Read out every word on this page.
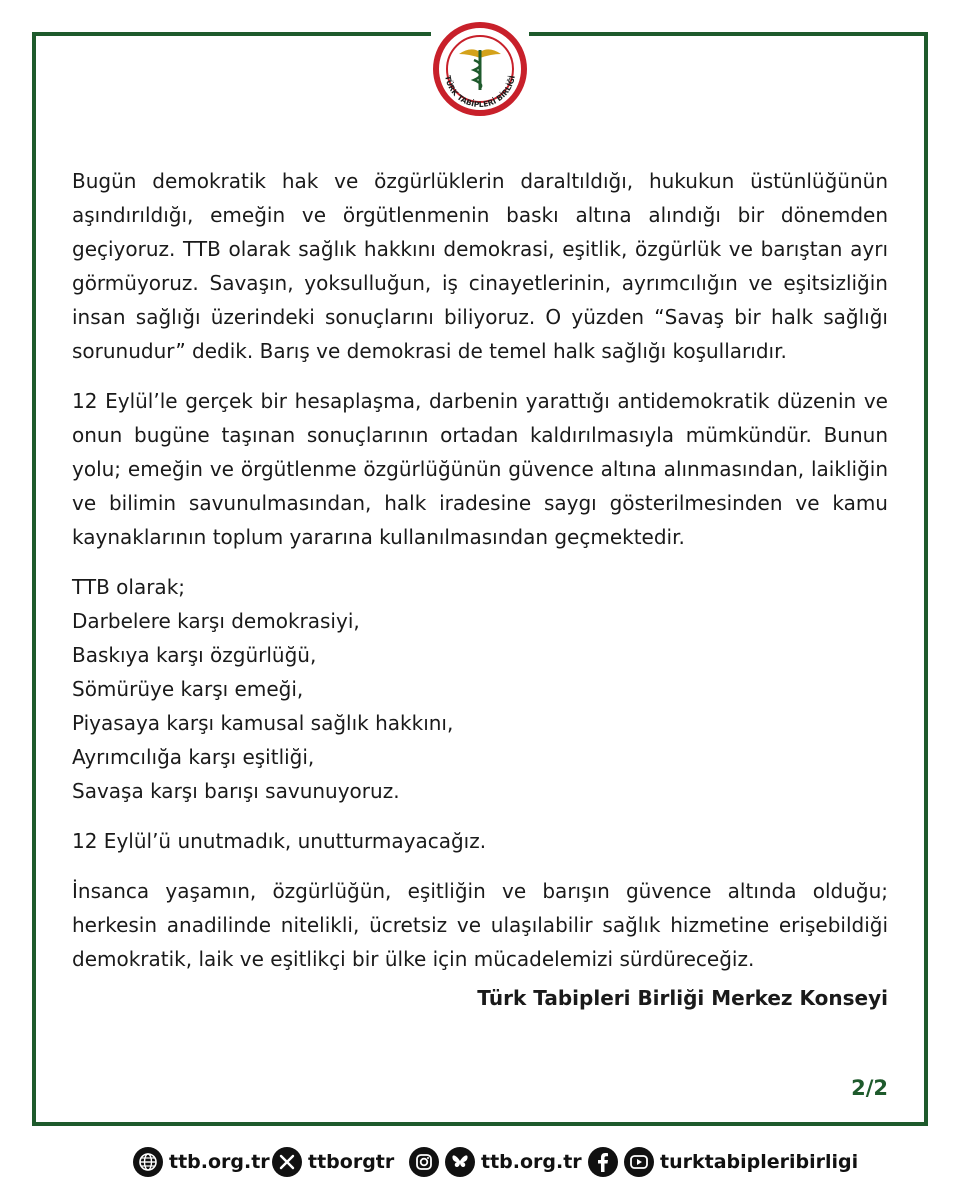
TÜRK TABİPLERİ BİRLİĞİ

Bugün demokratik hak ve özgürlüklerin daraltıldığı, hukukun üstünlüğünün aşındırıldığı, emeğin ve örgütlenmenin baskı altına alındığı bir dönemden geçiyoruz. TTB olarak sağlık hakkını demokrasi, eşitlik, özgürlük ve barıştan ayrı görmüyoruz. Savaşın, yoksulluğun, iş cinayetlerinin, ayrımcılığın ve eşitsizliğin insan sağlığı üzerindeki sonuçlarını biliyoruz. O yüzden “Savaş bir halk sağlığı sorunudur” dedik. Barış ve demokrasi de temel halk sağlığı koşullarıdır.

12 Eylül’le gerçek bir hesaplaşma, darbenin yarattığı antidemokratik düzenin ve onun bugüne taşınan sonuçlarının ortadan kaldırılmasıyla mümkündür. Bunun yolu; emeğin ve örgütlenme özgürlüğünün güvence altına alınmasından, laikliğin ve bilimin savunulmasından, halk iradesine saygı gösterilmesinden ve kamu kaynaklarının toplum yararına kullanılmasından geçmektedir.

TTB olarak;

Darbelere karşı demokrasiyi,

Baskıya karşı özgürlüğü,

Sömürüye karşı emeği,

Piyasaya karşı kamusal sağlık hakkını,

Ayrımcılığa karşı eşitliği,

Savaşa karşı barışı savunuyoruz.

12 Eylül’ü unutmadık, unutturmayacağız.

İnsanca yaşamın, özgürlüğün, eşitliğin ve barışın güvence altında olduğu; herkesin anadilinde nitelikli, ücretsiz ve ulaşılabilir sağlık hizmetine erişebildiği demokratik, laik ve eşitlikçi bir ülke için mücadelemizi sürdüreceğiz.

Türk Tabipleri Birliği Merkez Konseyi
2/2
ttb.org.tr ttborgtr	ttb.org.tr	turktabipleribirligi
